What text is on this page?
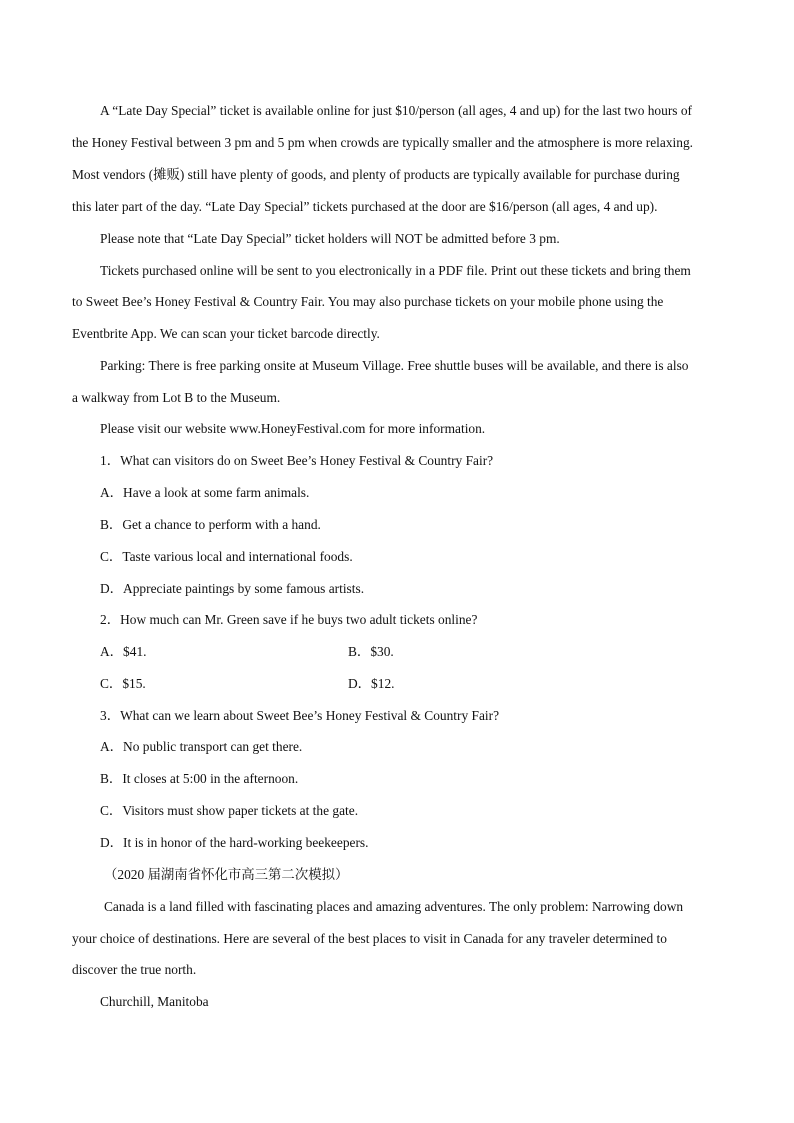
A “Late Day Special” ticket is available online for just $10/person (all ages, 4 and up) for the last two hours of
the Honey Festival between 3 pm and 5 pm when crowds are typically smaller and the atmosphere is more relaxing.
Most vendors (摊贩) still have plenty of goods, and plenty of products are typically available for purchase during
this later part of the day. “Late Day Special” tickets purchased at the door are $16/person (all ages, 4 and up).
Please note that “Late Day Special” ticket holders will NOT be admitted before 3 pm.
Tickets purchased online will be sent to you electronically in a PDF file. Print out these tickets and bring them
to Sweet Bee’s Honey Festival & Country Fair. You may also purchase tickets on your mobile phone using the
Eventbrite App. We can scan your ticket barcode directly.
Parking: There is free parking onsite at Museum Village. Free shuttle buses will be available, and there is also
a walkway from Lot B to the Museum.
Please visit our website www.HoneyFestival.com for more information.
1．What can visitors do on Sweet Bee’s Honey Festival & Country Fair?
A．Have a look at some farm animals.
B．Get a chance to perform with a hand.
C．Taste various local and international foods.
D．Appreciate paintings by some famous artists.
2．How much can Mr. Green save if he buys two adult tickets online?
A．$41.	B．$30.
C．$15.	D．$12.
3．What can we learn about Sweet Bee’s Honey Festival & Country Fair?
A．No public transport can get there.
B．It closes at 5:00 in the afternoon.
C．Visitors must show paper tickets at the gate.
D．It is in honor of the hard-working beekeepers.
（2020 届湖南省怀化市高三第二次模拟）
Canada is a land filled with fascinating places and amazing adventures. The only problem: Narrowing down
your choice of destinations. Here are several of the best places to visit in Canada for any traveler determined to
discover the true north.
Churchill, Manitoba
